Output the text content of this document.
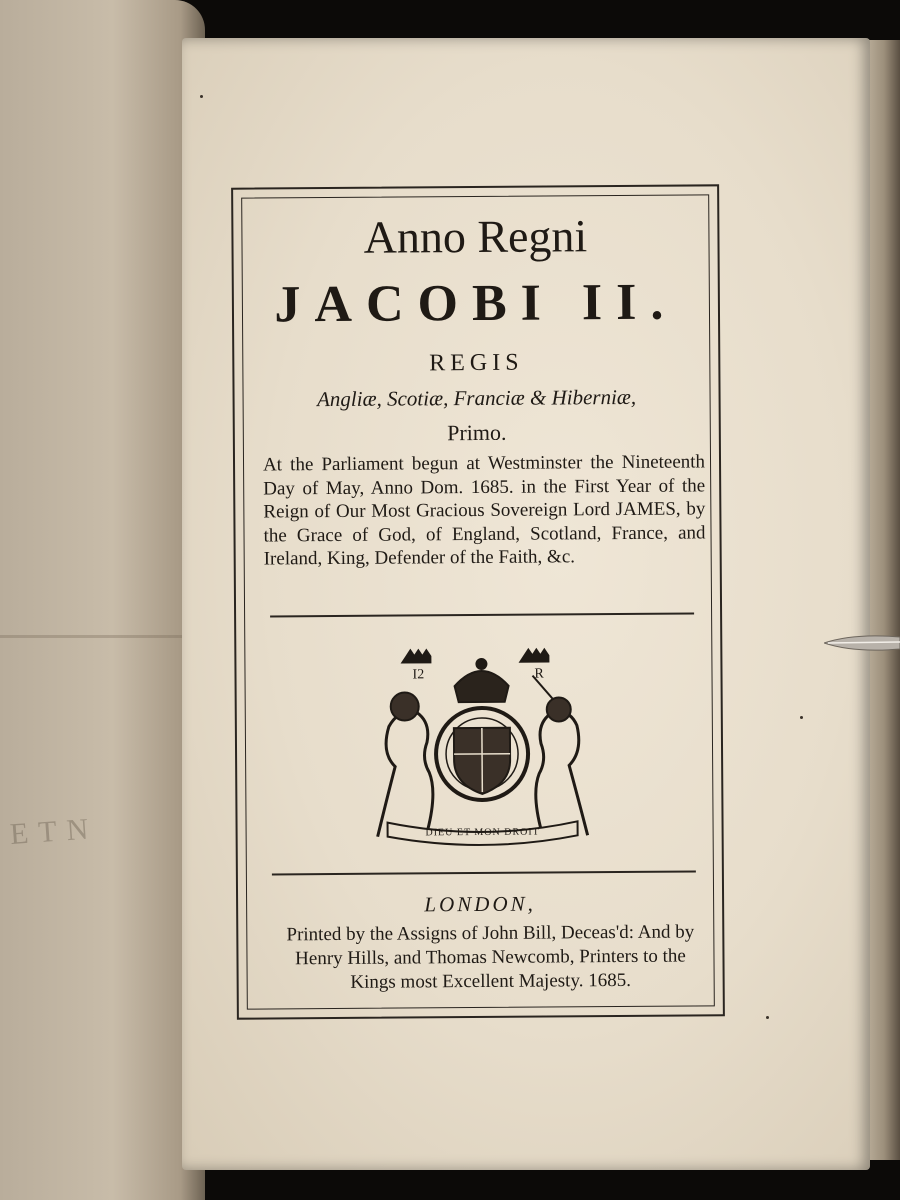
ETN
Anno Regni
JACOBI II.
REGIS
Angliæ, Scotiæ, Franciæ & Hiberniæ,
Primo.
At the Parliament begun at Westminster the Nineteenth Day of May, Anno Dom. 1685. in the First Year of the Reign of Our Most Gracious Sovereign Lord JAMES, by the Grace of God, of England, Scotland, France, and Ireland, King, Defender of the Faith, &c.
I2	R
DIEU ET MON DROIT
LONDON,
Printed by the Assigns of John Bill, Deceas'd: And by Henry Hills, and Thomas Newcomb, Printers to the Kings most Excellent Majesty. 1685.
